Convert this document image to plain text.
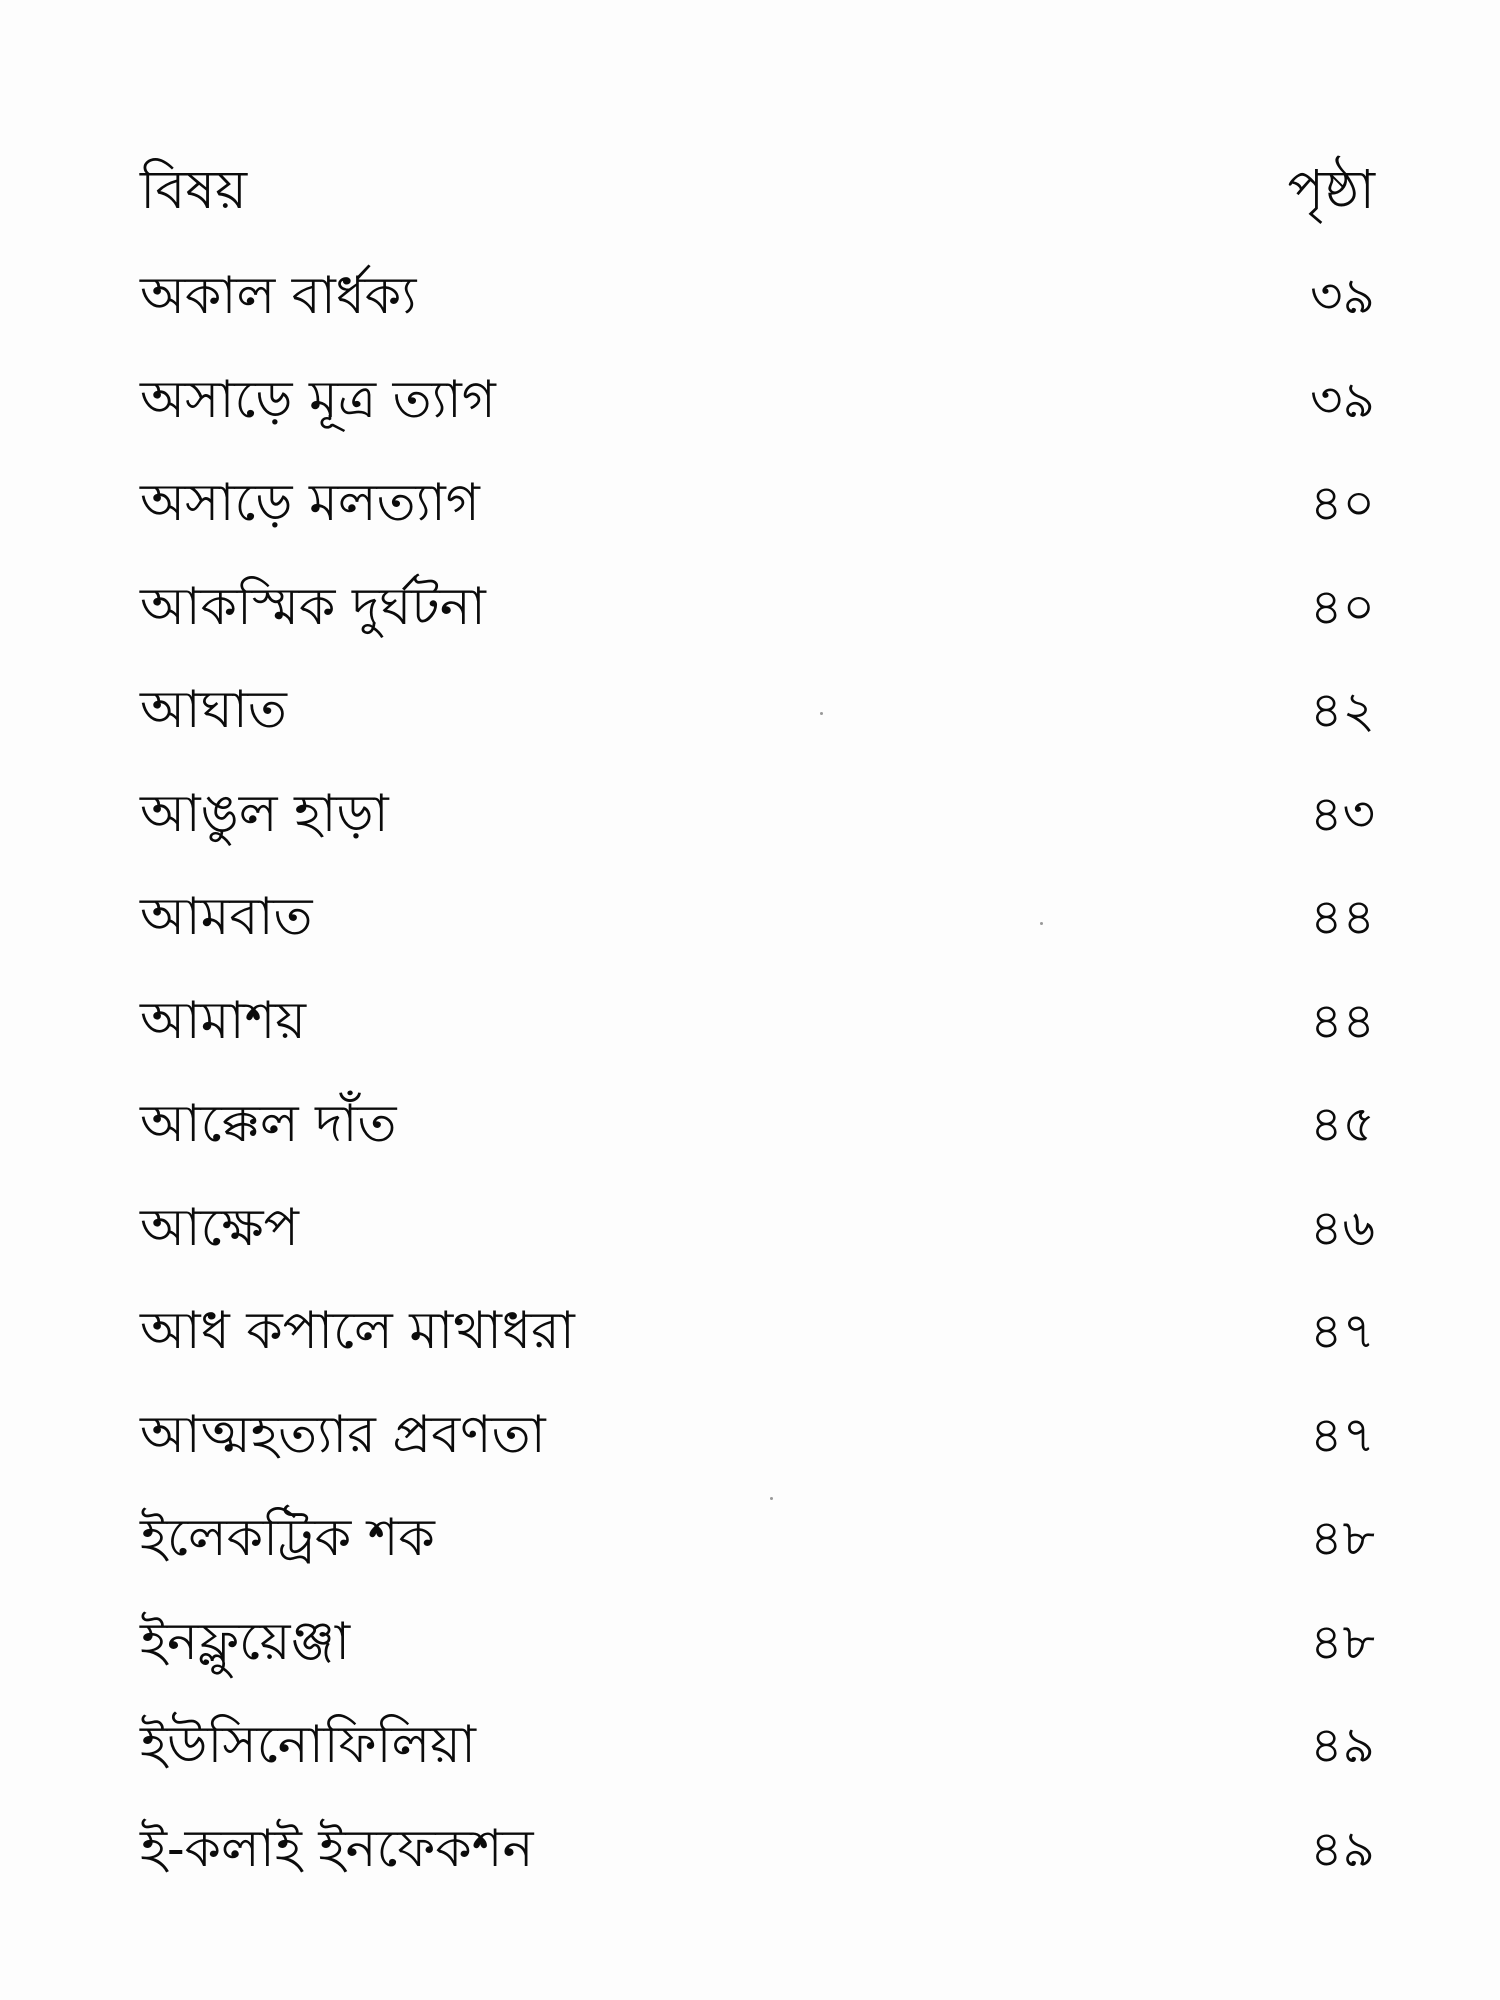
বিষয়	পৃষ্ঠা
অকাল বার্ধক্য	৩৯
অসাড়ে মূত্র ত্যাগ	৩৯
অসাড়ে মলত্যাগ	৪০
আকস্মিক দুর্ঘটনা	৪০
আঘাত	৪২
আঙুল হাড়া	৪৩
আমবাত	৪৪
আমাশয়	৪৪
আক্কেল দাঁত	৪৫
আক্ষেপ	৪৬
আধ কপালে মাথাধরা	৪৭
আত্মহত্যার প্রবণতা	৪৭
ইলেকট্রিক শক	৪৮
ইনফ্লুয়েঞ্জা	৪৮
ইউসিনোফিলিয়া	৪৯
ই-কলাই ইনফেকশন	৪৯
